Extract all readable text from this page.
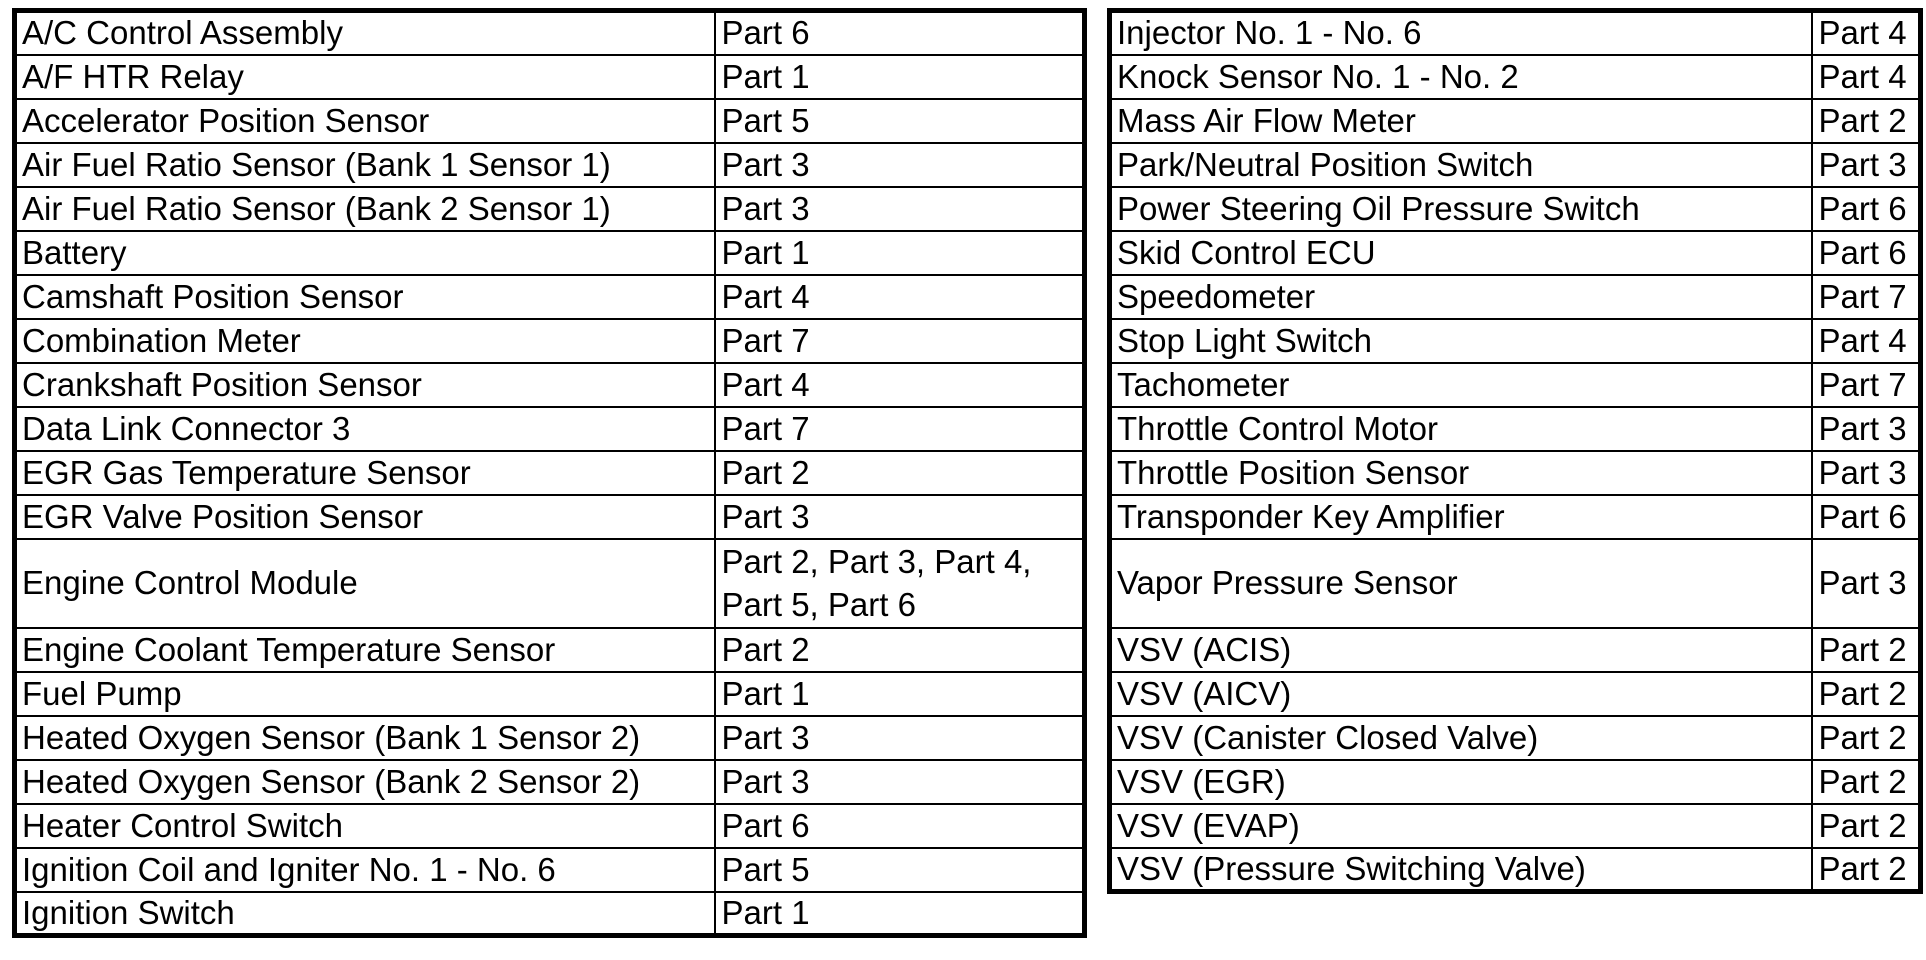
A/C Control Assembly	Part 6
A/F HTR Relay	Part 1
Accelerator Position Sensor	Part 5
Air Fuel Ratio Sensor (Bank 1 Sensor 1)	Part 3
Air Fuel Ratio Sensor (Bank 2 Sensor 1)	Part 3
Battery	Part 1
Camshaft Position Sensor	Part 4
Combination Meter	Part 7
Crankshaft Position Sensor	Part 4
Data Link Connector 3	Part 7
EGR Gas Temperature Sensor	Part 2
EGR Valve Position Sensor	Part 3
Engine Control Module	Part 2, Part 3, Part 4, Part 5, Part 6
Engine Coolant Temperature Sensor	Part 2
Fuel Pump	Part 1
Heated Oxygen Sensor (Bank 1 Sensor 2)	Part 3
Heated Oxygen Sensor (Bank 2 Sensor 2)	Part 3
Heater Control Switch	Part 6
Ignition Coil and Igniter No. 1 - No. 6	Part 5
Ignition Switch	Part 1
Injector No. 1 - No. 6	Part 4
Knock Sensor No. 1 - No. 2	Part 4
Mass Air Flow Meter	Part 2
Park/Neutral Position Switch	Part 3
Power Steering Oil Pressure Switch	Part 6
Skid Control ECU	Part 6
Speedometer	Part 7
Stop Light Switch	Part 4
Tachometer	Part 7
Throttle Control Motor	Part 3
Throttle Position Sensor	Part 3
Transponder Key Amplifier	Part 6
Vapor Pressure Sensor	Part 3
VSV (ACIS)	Part 2
VSV (AICV)	Part 2
VSV (Canister Closed Valve)	Part 2
VSV (EGR)	Part 2
VSV (EVAP)	Part 2
VSV (Pressure Switching Valve)	Part 2
